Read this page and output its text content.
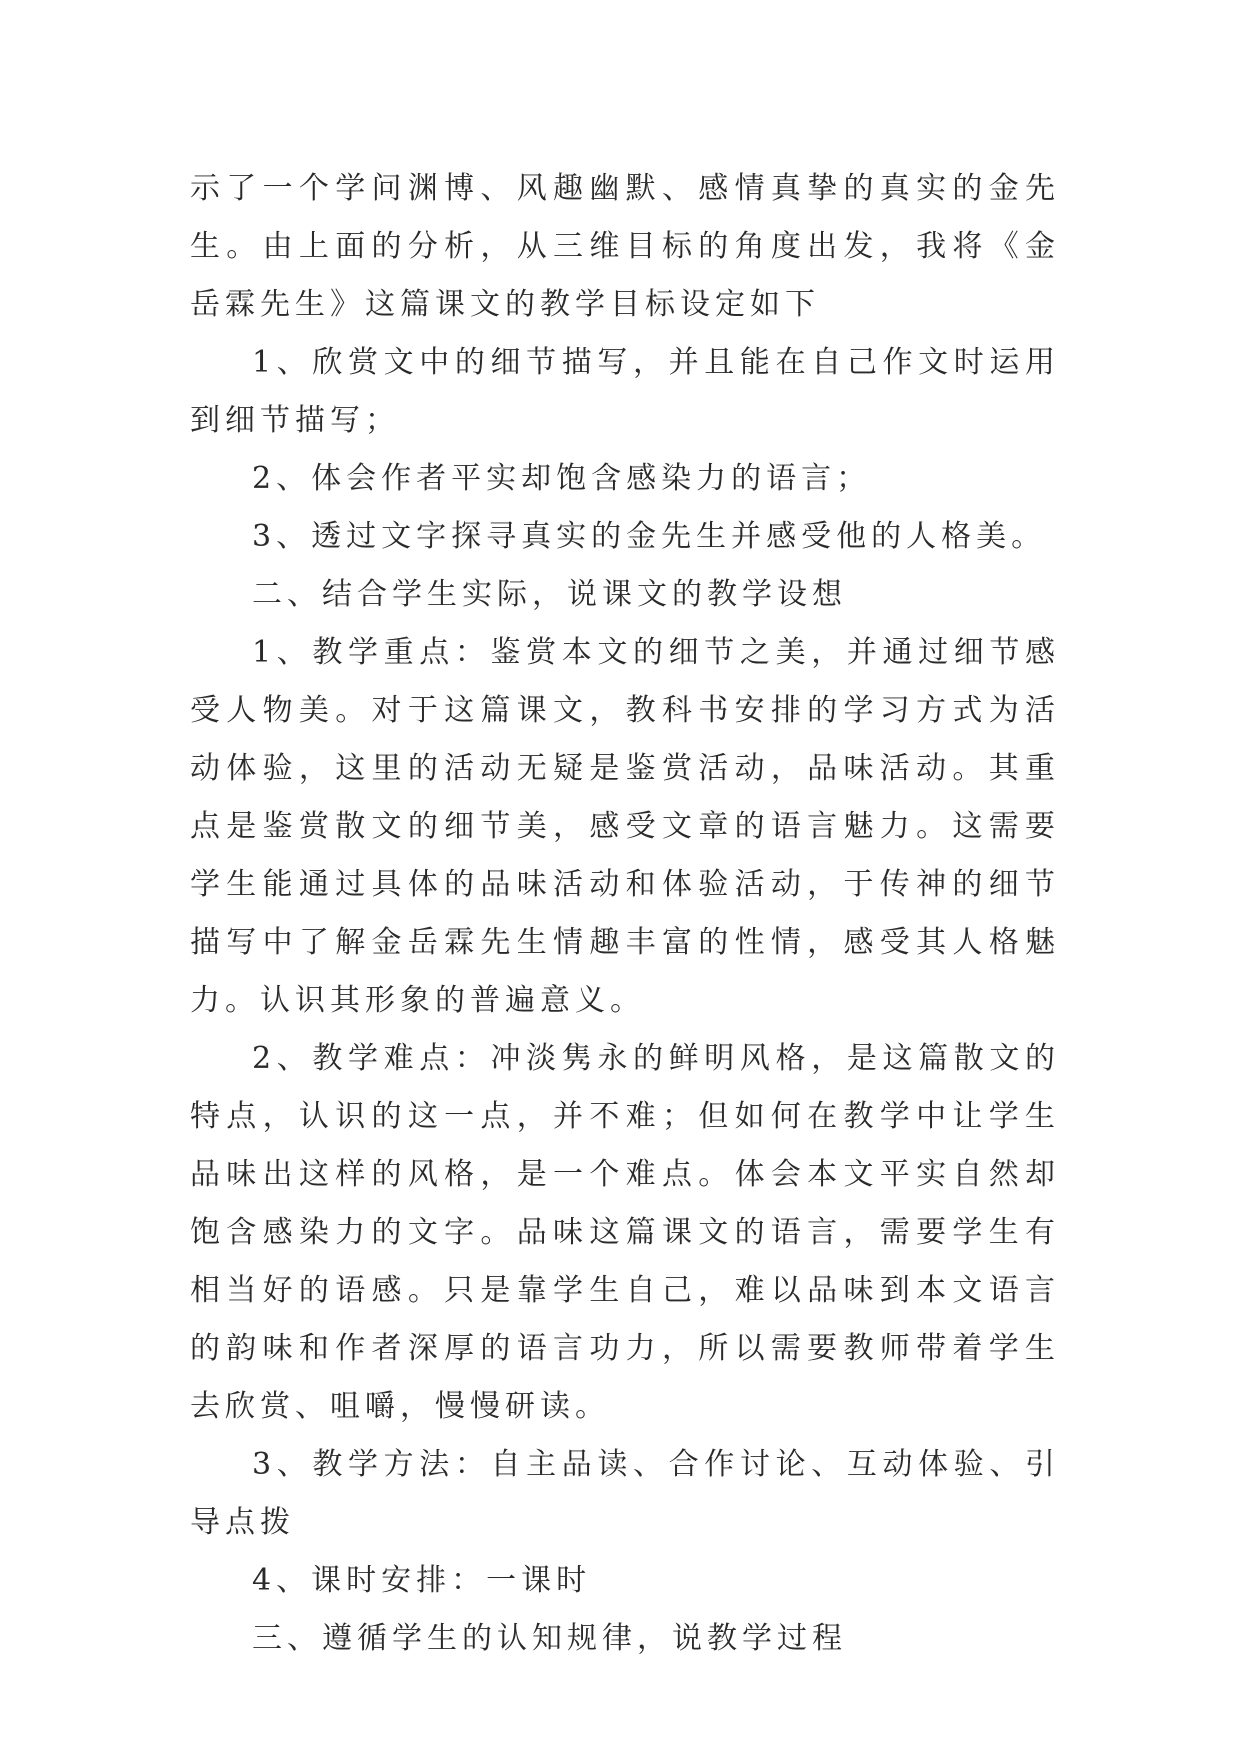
示了一个学问渊博、风趣幽默、感情真挚的真实的金先生。由上面的分析，从三维目标的角度出发，我将《金岳霖先生》这篇课文的教学目标设定如下

1、欣赏文中的细节描写，并且能在自己作文时运用到细节描写；

2、体会作者平实却饱含感染力的语言；

3、透过文字探寻真实的金先生并感受他的人格美。

二、结合学生实际，说课文的教学设想

1、教学重点：鉴赏本文的细节之美，并通过细节感受人物美。对于这篇课文，教科书安排的学习方式为活动体验，这里的活动无疑是鉴赏活动，品味活动。其重点是鉴赏散文的细节美，感受文章的语言魅力。这需要学生能通过具体的品味活动和体验活动，于传神的细节描写中了解金岳霖先生情趣丰富的性情，感受其人格魅力。认识其形象的普遍意义。

2、教学难点：冲淡隽永的鲜明风格，是这篇散文的特点，认识的这一点，并不难；但如何在教学中让学生品味出这样的风格，是一个难点。体会本文平实自然却饱含感染力的文字。品味这篇课文的语言，需要学生有相当好的语感。只是靠学生自己，难以品味到本文语言的韵味和作者深厚的语言功力，所以需要教师带着学生去欣赏、咀嚼，慢慢研读。

3、教学方法：自主品读、合作讨论、互动体验、引导点拨

4、课时安排：一课时

三、遵循学生的认知规律，说教学过程
